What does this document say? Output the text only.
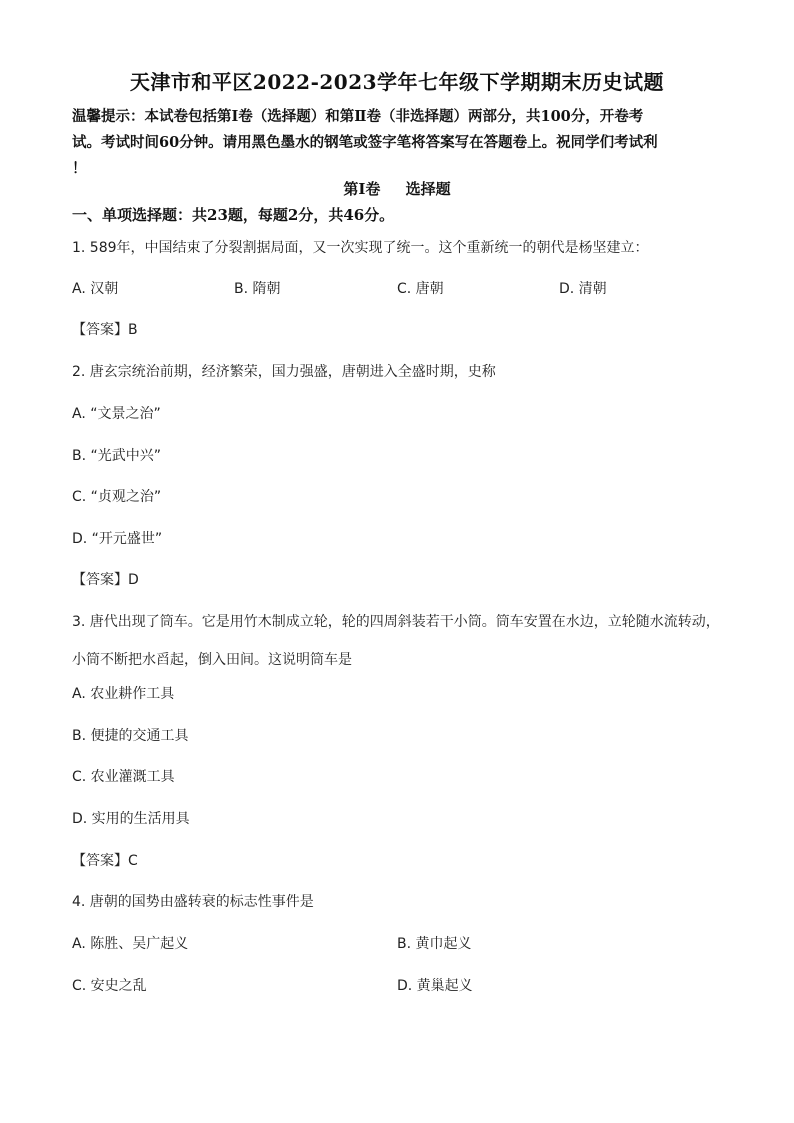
天津市和平区2022-2023学年七年级下学期期末历史试题
温馨提示：本试卷包括第Ⅰ卷（选择题）和第Ⅱ卷（非选择题）两部分，共100分，开卷考
试。考试时间60分钟。请用黑色墨水的钢笔或签字笔将答案写在答题卷上。祝同学们考试利
！
第Ⅰ卷 选择题
一、单项选择题：共23题，每题2分，共46分。
1. 589年，中国结束了分裂割据局面，又一次实现了统一。这个重新统一的朝代是杨坚建立：
A. 汉朝	B. 隋朝	C. 唐朝	D. 清朝
【答案】B
2. 唐玄宗统治前期，经济繁荣，国力强盛，唐朝进入全盛时期，史称
A. “文景之治”
B. “光武中兴”
C. “贞观之治”
D. “开元盛世”
【答案】D
3. 唐代出现了筒车。它是用竹木制成立轮，轮的四周斜装若干小筒。筒车安置在水边，立轮随水流转动，
小筒不断把水舀起，倒入田间。这说明筒车是
A. 农业耕作工具
B. 便捷的交通工具
C. 农业灌溉工具
D. 实用的生活用具
【答案】C
4. 唐朝的国势由盛转衰的标志性事件是
A. 陈胜、吴广起义	B. 黄巾起义
C. 安史之乱	D. 黄巢起义
